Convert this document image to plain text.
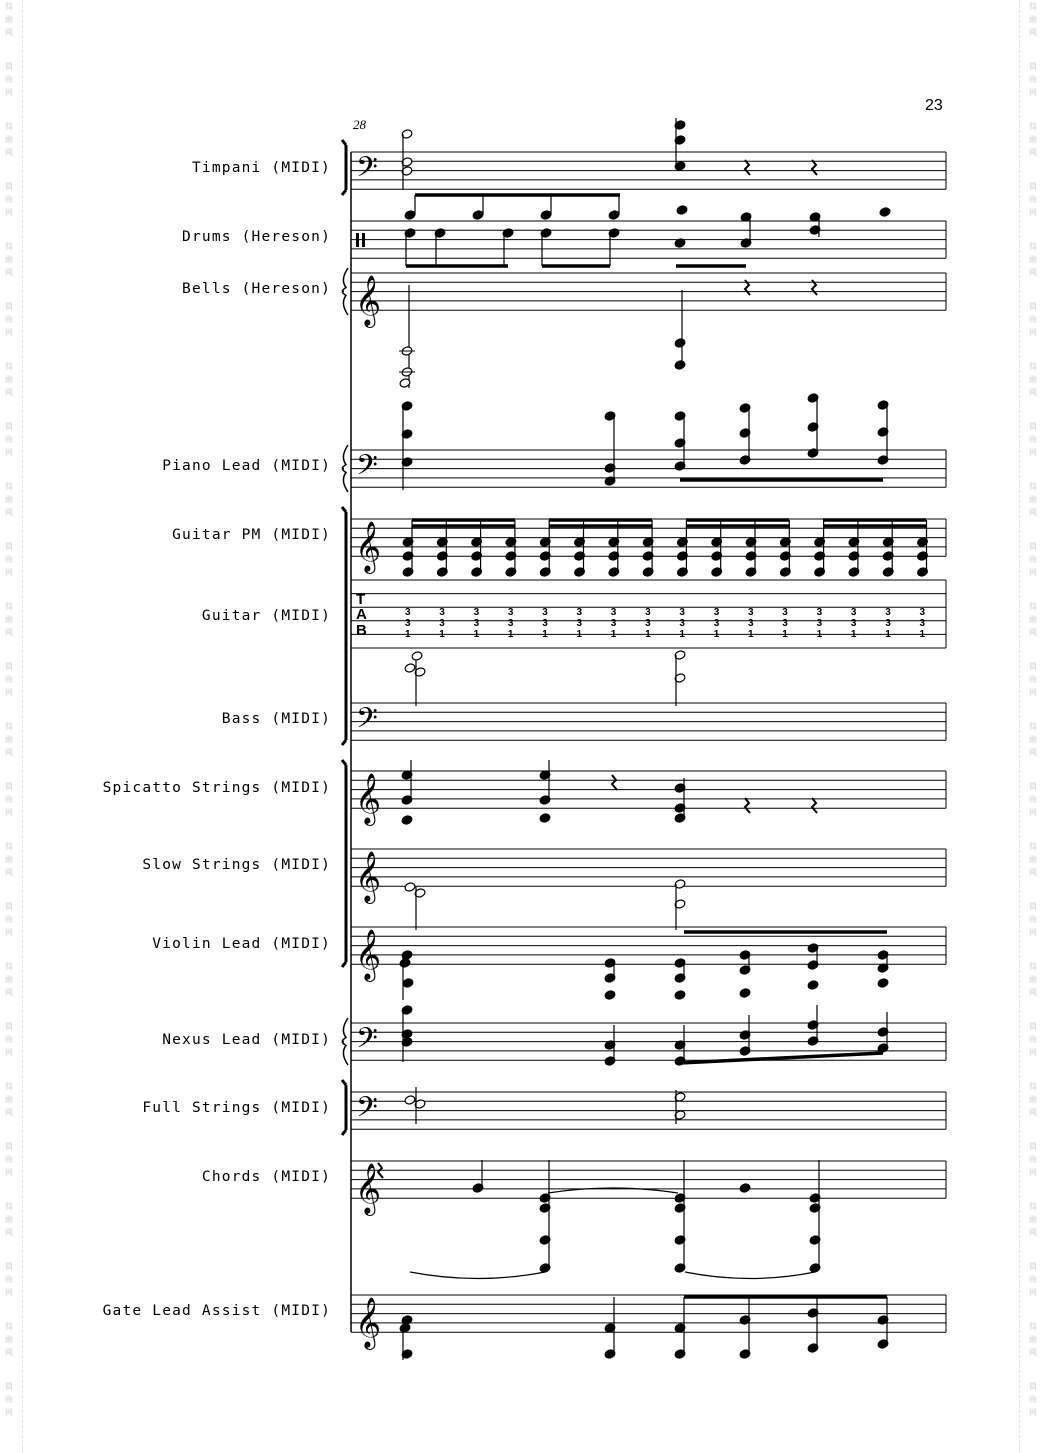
简
曲
网
简
曲
网
简
曲
网
简
曲
网
简
曲
网
简
曲
网
简
曲
网
简
曲
网
简
曲
网
简
曲
网
简
曲
网
简
曲
网
简
曲
网
简
曲
网
简
曲
网
简
曲
网
简
曲
网
简
曲
网
简
曲
网
简
曲
网
简
曲
网
简
曲
网
简
曲
网
简
曲
网
简
曲
网
简
曲
网
简
曲
网
简
曲
网
简
曲
网
简
曲
网
简
曲
网
简
曲
网
简
曲
网
简
曲
网
简
曲
网
简
曲
网
简
曲
网
简
曲
网
简
曲
网
简
曲
网
简
曲
网
简
曲
网
简
曲
网
简
曲
网
简
曲
网
简
曲
网
简
曲
网
简
曲
网
23
28
Timpani (MIDI)
Drums (Hereson)
Bells (Hereson)
Piano Lead (MIDI)
Guitar PM (MIDI)
Guitar (MIDI)
Bass (MIDI)
Spicatto Strings (MIDI)
Slow Strings (MIDI)
Violin Lead (MIDI)
Nexus Lead (MIDI)
Full Strings (MIDI)
Chords (MIDI)
Gate Lead Assist (MIDI)
T
A
B
𝄢
𝄞
𝄢
𝄞
𝄢
𝄞
𝄞
𝄞
𝄢
𝄢
𝄞
𝄞
3
3
1
3
3
1
3
3
1
3
3
1
3
3
1
3
3
1
3
3
1
3
3
1
3
3
1
3
3
1
3
3
1
3
3
1
3
3
1
3
3
1
3
3
1
3
3
1
